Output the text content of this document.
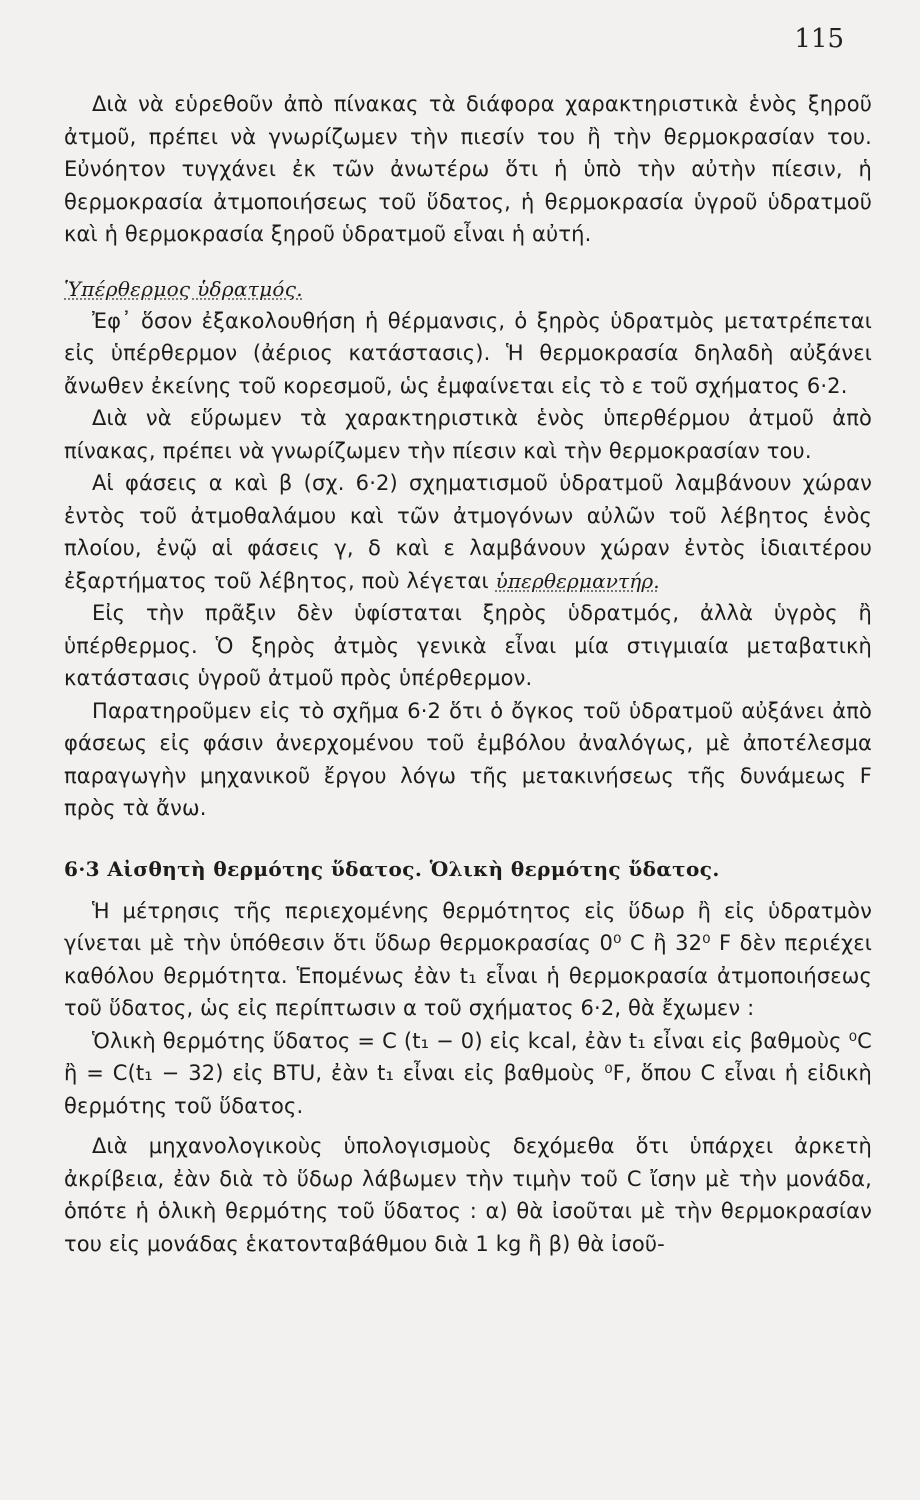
115

Διὰ νὰ εὑρεθοῦν ἀπὸ πίνακας τὰ διάφορα χαρακτηριστικὰ ἑνὸς ξηροῦ ἀτμοῦ, πρέπει νὰ γνωρίζωμεν τὴν πιεσίν του ἢ τὴν θερμοκρασίαν του. Εὐνόητον τυγχάνει ἐκ τῶν ἀνωτέρω ὅτι ἡ ὑπὸ τὴν αὐτὴν πίεσιν, ἡ θερμοκρασία ἀτμοποιήσεως τοῦ ὕδατος, ἡ θερμοκρασία ὑγροῦ ὑδρατμοῦ καὶ ἡ θερμοκρασία ξηροῦ ὑδρατμοῦ εἶναι ἡ αὐτή.

Ὑπέρθερμος ὑδρατμός.

Ἐφ᾽ ὅσον ἐξακολουθήση ἡ θέρμανσις, ὁ ξηρὸς ὑδρατμὸς μετατρέπεται εἰς ὑπέρθερμον (ἀέριος κατάστασις). Ἡ θερμοκρασία δηλαδὴ αὐξάνει ἄνωθεν ἐκείνης τοῦ κορεσμοῦ, ὡς ἐμφαίνεται εἰς τὸ ε τοῦ σχήματος 6·2.

Διὰ νὰ εὕρωμεν τὰ χαρακτηριστικὰ ἑνὸς ὑπερθέρμου ἀτμοῦ ἀπὸ πίνακας, πρέπει νὰ γνωρίζωμεν τὴν πίεσιν καὶ τὴν θερμοκρασίαν του.

Αἱ φάσεις α καὶ β (σχ. 6·2) σχηματισμοῦ ὑδρατμοῦ λαμβάνουν χώραν ἐντὸς τοῦ ἀτμοθαλάμου καὶ τῶν ἀτμογόνων αὐλῶν τοῦ λέβητος ἑνὸς πλοίου, ἐνῷ αἱ φάσεις γ, δ καὶ ε λαμβάνουν χώραν ἐντὸς ἰδιαιτέρου ἐξαρτήματος τοῦ λέβητος, ποὺ λέγεται ὑπερθερμαντήρ.

Εἰς τὴν πρᾶξιν δὲν ὑφίσταται ξηρὸς ὑδρατμός, ἀλλὰ ὑγρὸς ἢ ὑπέρθερμος. Ὁ ξηρὸς ἀτμὸς γενικὰ εἶναι μία στιγμιαία μεταβατικὴ κατάστασις ὑγροῦ ἀτμοῦ πρὸς ὑπέρθερμον.

Παρατηροῦμεν εἰς τὸ σχῆμα 6·2 ὅτι ὁ ὄγκος τοῦ ὑδρατμοῦ αὐξάνει ἀπὸ φάσεως εἰς φάσιν ἀνερχομένου τοῦ ἐμβόλου ἀναλόγως, μὲ ἀποτέλεσμα παραγωγὴν μηχανικοῦ ἔργου λόγω τῆς μετακινήσεως τῆς δυνάμεως F πρὸς τὰ ἄνω.

6·3 Αἰσθητὴ θερμότης ὕδατος. Ὁλικὴ θερμότης ὕδατος.

Ἡ μέτρησις τῆς περιεχομένης θερμότητος εἰς ὕδωρ ἢ εἰς ὑδρατμὸν γίνεται μὲ τὴν ὑπόθεσιν ὅτι ὕδωρ θερμοκρασίας 0⁰ C ἢ 32⁰ F δὲν περιέχει καθόλου θερμότητα. Ἑπομένως ἐὰν t₁ εἶναι ἡ θερμοκρασία ἀτμοποιήσεως τοῦ ὕδατος, ὡς εἰς περίπτωσιν α τοῦ σχήματος 6·2, θὰ ἔχωμεν :

Ὁλικὴ θερμότης ὕδατος = C (t₁ − 0) εἰς kcal, ἐὰν t₁ εἶναι εἰς βαθμοὺς ⁰C ἢ = C(t₁ − 32) εἰς BTU, ἐὰν t₁ εἶναι εἰς βαθμοὺς ⁰F, ὅπου C εἶναι ἡ εἰδικὴ θερμότης τοῦ ὕδατος.

Διὰ μηχανολογικοὺς ὑπολογισμοὺς δεχόμεθα ὅτι ὑπάρχει ἀρκετὴ ἀκρίβεια, ἐὰν διὰ τὸ ὕδωρ λάβωμεν τὴν τιμὴν τοῦ C ἴσην μὲ τὴν μονάδα, ὁπότε ἡ ὁλικὴ θερμότης τοῦ ὕδατος : α) θὰ ἰσοῦται μὲ τὴν θερμοκρασίαν του εἰς μονάδας ἑκατονταβάθμου διὰ 1 kg ἢ β) θὰ ἰσοῦ-
